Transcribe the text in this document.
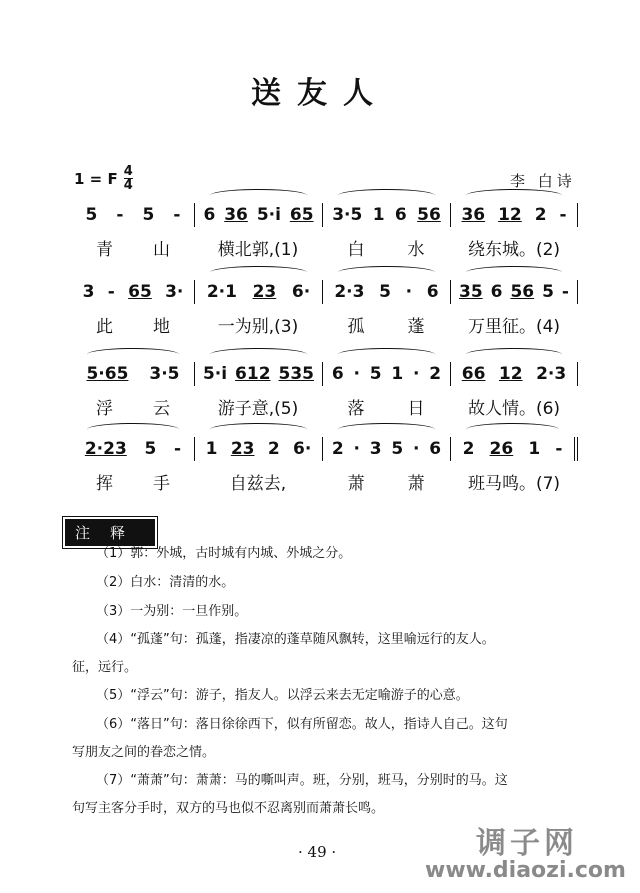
送友人
1 = F $\frac{4}{4}$	李 白诗
5 - 5 - 6 36 5·i 65 3·5 1 6 56 36 12 2 -
青 山	横北郭,(1)	白	水	绕东城。(2)
3 - 65 3· 2·1 23 6· 2·3 5 · 6 35 6 56 5 -
此 地	一为别,(3)	孤	蓬	万里征。(4)
5·65 3·5 5·i 612 535 6 · 5 1 · 2 66 12 2·3
浮 云	游子意,(5)	落	日	故人情。(6)
2·23 5 - 1 23 2 6· 2 · 3 5 · 6 2 26 1 -
挥 手	自兹去,	萧	萧	班马鸣。(7)
注释
（1）郭：外城，古时城有内城、外城之分。
（2）白水：清清的水。
（3）一为别：一旦作别。
（4）“孤蓬”句：孤蓬，指凄凉的蓬草随风飘转，这里喻远行的友人。
征，远行。
（5）“浮云”句：游子，指友人。以浮云来去无定喻游子的心意。
（6）“落日”句：落日徐徐西下，似有所留恋。故人，指诗人自己。这句
写朋友之间的眷恋之情。
（7）“萧萧”句：萧萧：马的嘶叫声。班，分别，班马，分别时的马。这
句写主客分手时，双方的马也似不忍离别而萧萧长鸣。
· 49 ·	调子网
www.diaozi.com
